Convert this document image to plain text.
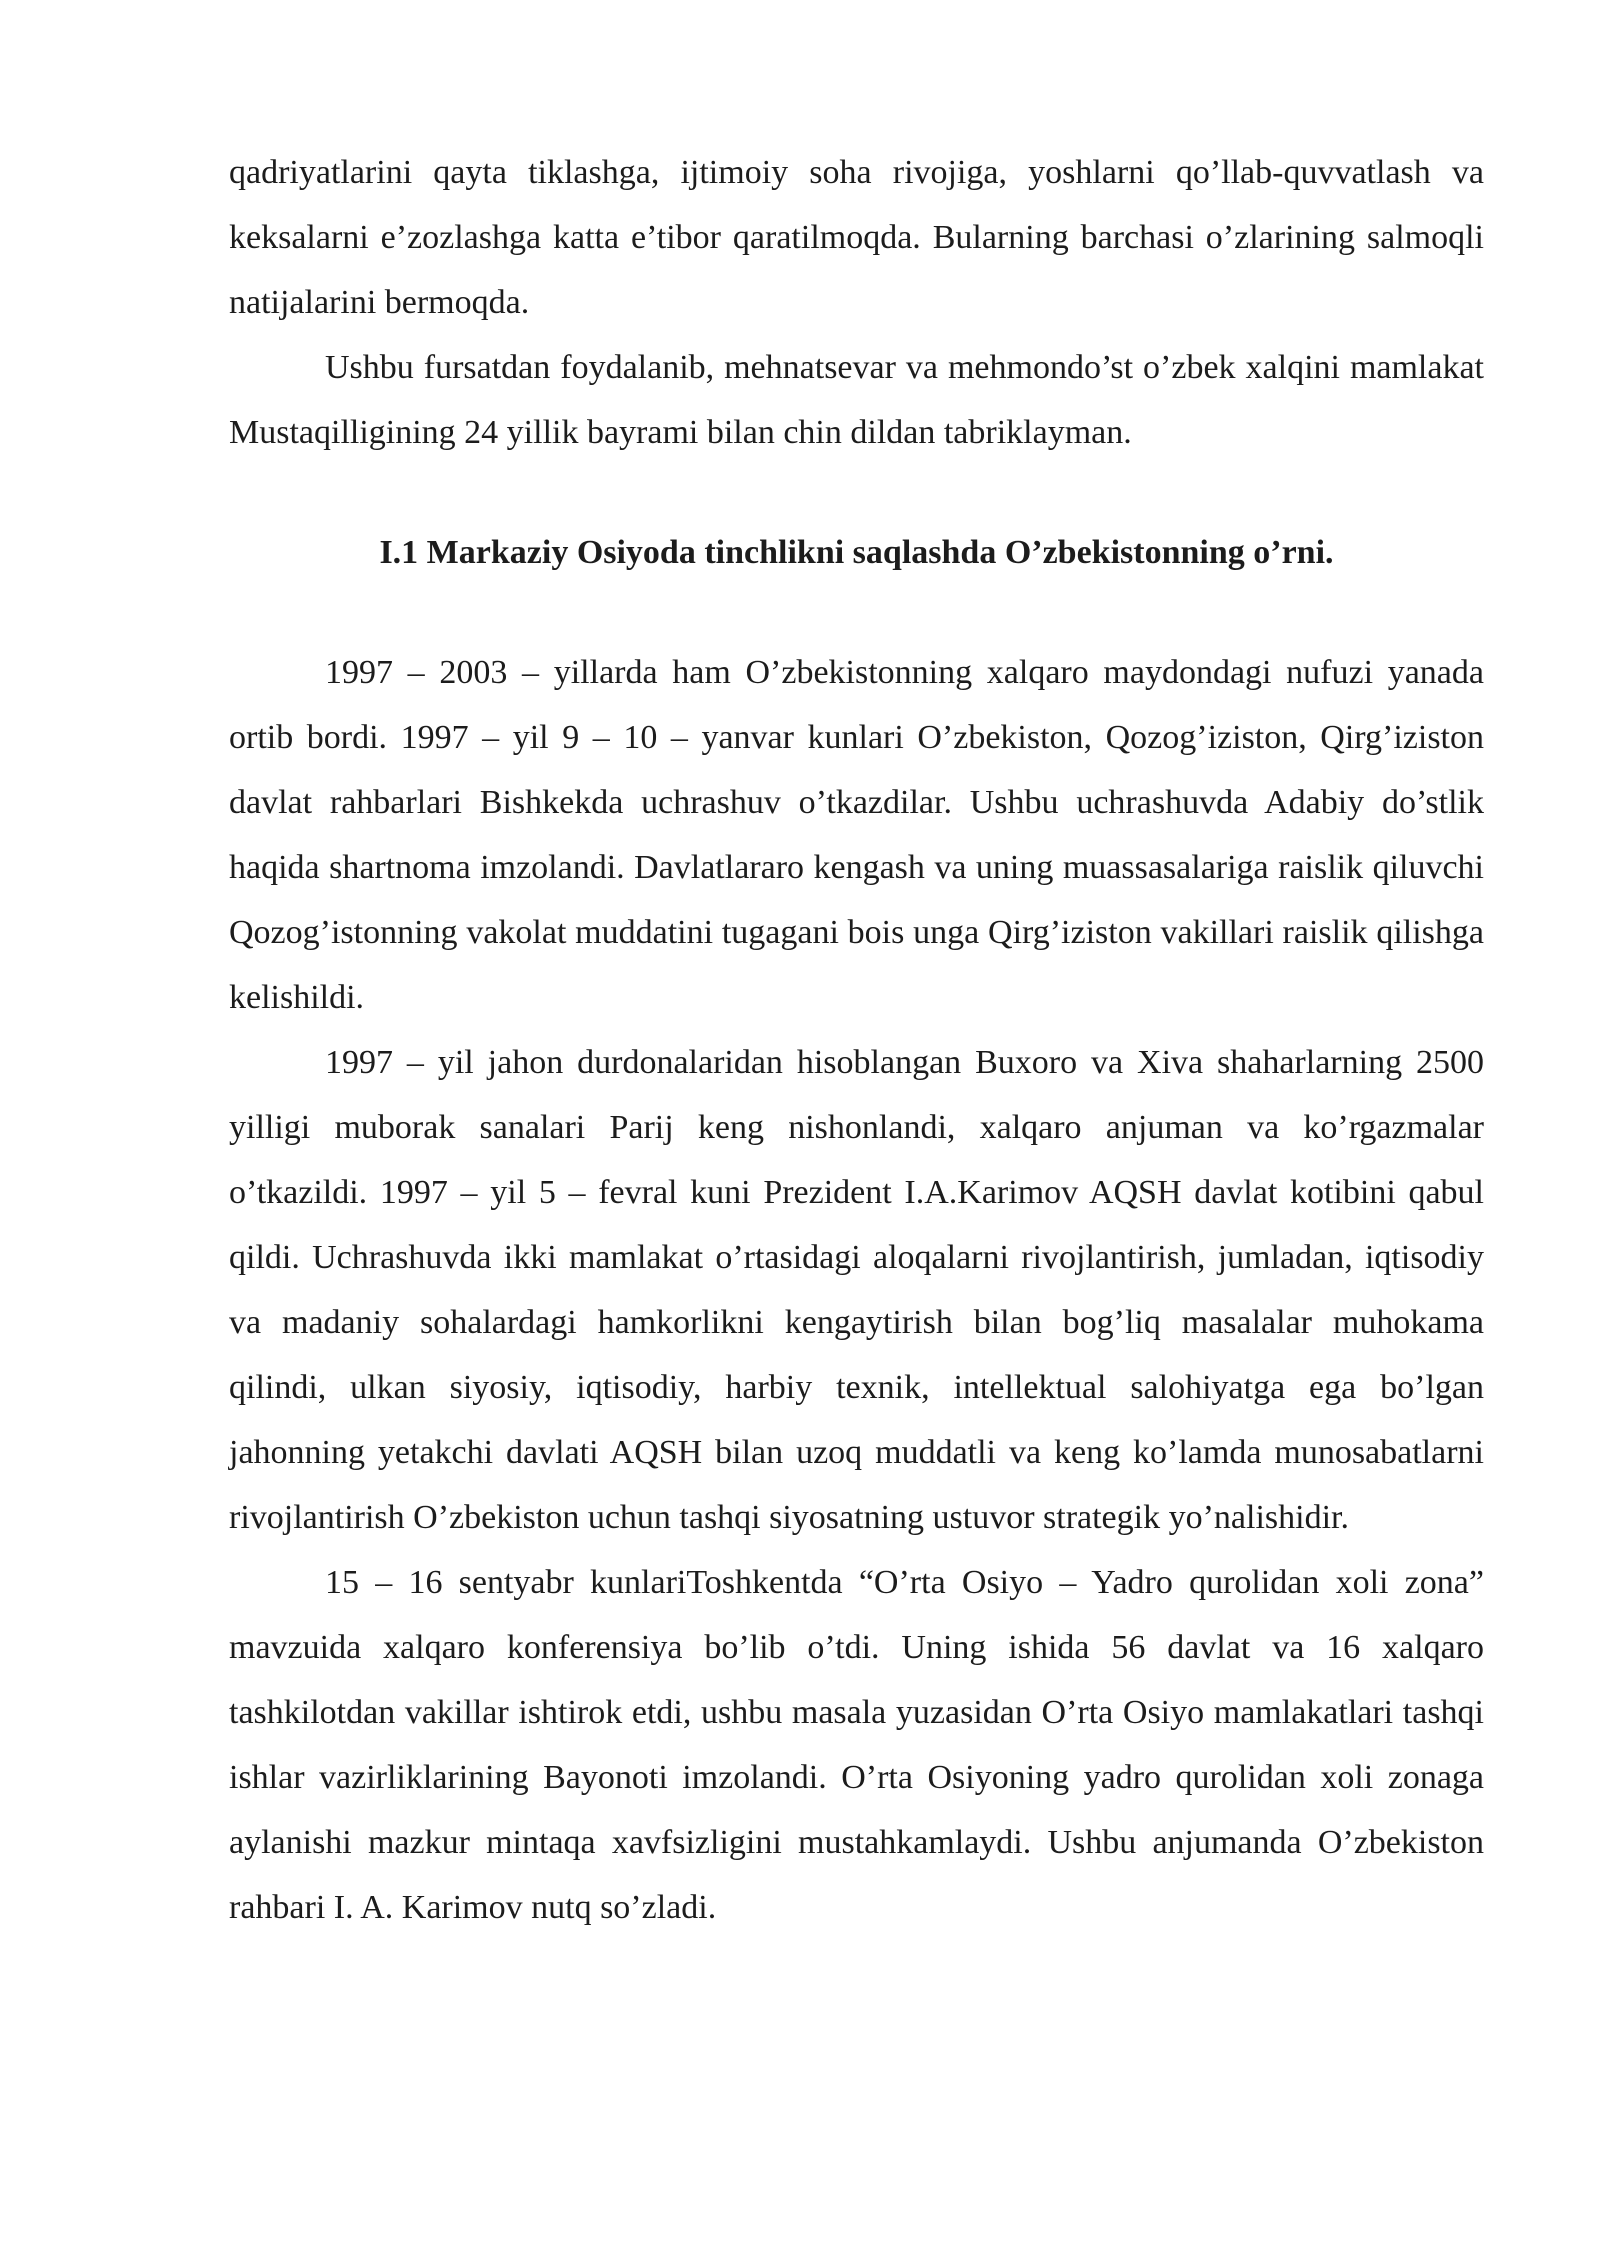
qadriyatlarini qayta tiklashga, ijtimoiy soha rivojiga, yoshlarni qo’llab-quvvatlash va keksalarni e’zozlashga katta e’tibor qaratilmoqda. Bularning barchasi o’zlarining salmoqli natijalarini bermoqda.

Ushbu fursatdan foydalanib, mehnatsevar va mehmondo’st o’zbek xalqini mamlakat Mustaqilligining 24 yillik bayrami bilan chin dildan tabriklayman.

I.1 Markaziy Osiyoda tinchlikni saqlashda O’zbekistonning o’rni.

1997 – 2003 – yillarda ham O’zbekistonning xalqaro maydondagi nufuzi yanada ortib bordi. 1997 – yil 9 – 10 – yanvar kunlari O’zbekiston, Qozog’iziston, Qirg’iziston davlat rahbarlari Bishkekda uchrashuv o’tkazdilar. Ushbu uchrashuvda Adabiy do’stlik haqida shartnoma imzolandi. Davlatlararo kengash va uning muassasalariga raislik qiluvchi Qozog’istonning vakolat muddatini tugagani bois unga Qirg’iziston vakillari raislik qilishga kelishildi.

1997 – yil jahon durdonalaridan hisoblangan Buxoro va Xiva shaharlarning 2500 yilligi muborak sanalari Parij keng nishonlandi, xalqaro anjuman va ko’rgazmalar o’tkazildi. 1997 – yil 5 – fevral kuni Prezident I.A.Karimov AQSH davlat kotibini qabul qildi. Uchrashuvda ikki mamlakat o’rtasidagi aloqalarni rivojlantirish, jumladan, iqtisodiy va madaniy sohalardagi hamkorlikni kengaytirish bilan bog’liq masalalar muhokama qilindi, ulkan siyosiy, iqtisodiy, harbiy texnik, intellektual salohiyatga ega bo’lgan jahonning yetakchi davlati AQSH bilan uzoq muddatli va keng ko’lamda munosabatlarni rivojlantirish O’zbekiston uchun tashqi siyosatning ustuvor strategik yo’nalishidir.

15 – 16 sentyabr kunlariToshkentda “O’rta Osiyo – Yadro qurolidan xoli zona” mavzuida xalqaro konferensiya bo’lib o’tdi. Uning ishida 56 davlat va 16 xalqaro tashkilotdan vakillar ishtirok etdi, ushbu masala yuzasidan O’rta Osiyo mamlakatlari tashqi ishlar vazirliklarining Bayonoti imzolandi. O’rta Osiyoning yadro qurolidan xoli zonaga aylanishi mazkur mintaqa xavfsizligini mustahkamlaydi. Ushbu anjumanda O’zbekiston rahbari I. A. Karimov nutq so’zladi.
